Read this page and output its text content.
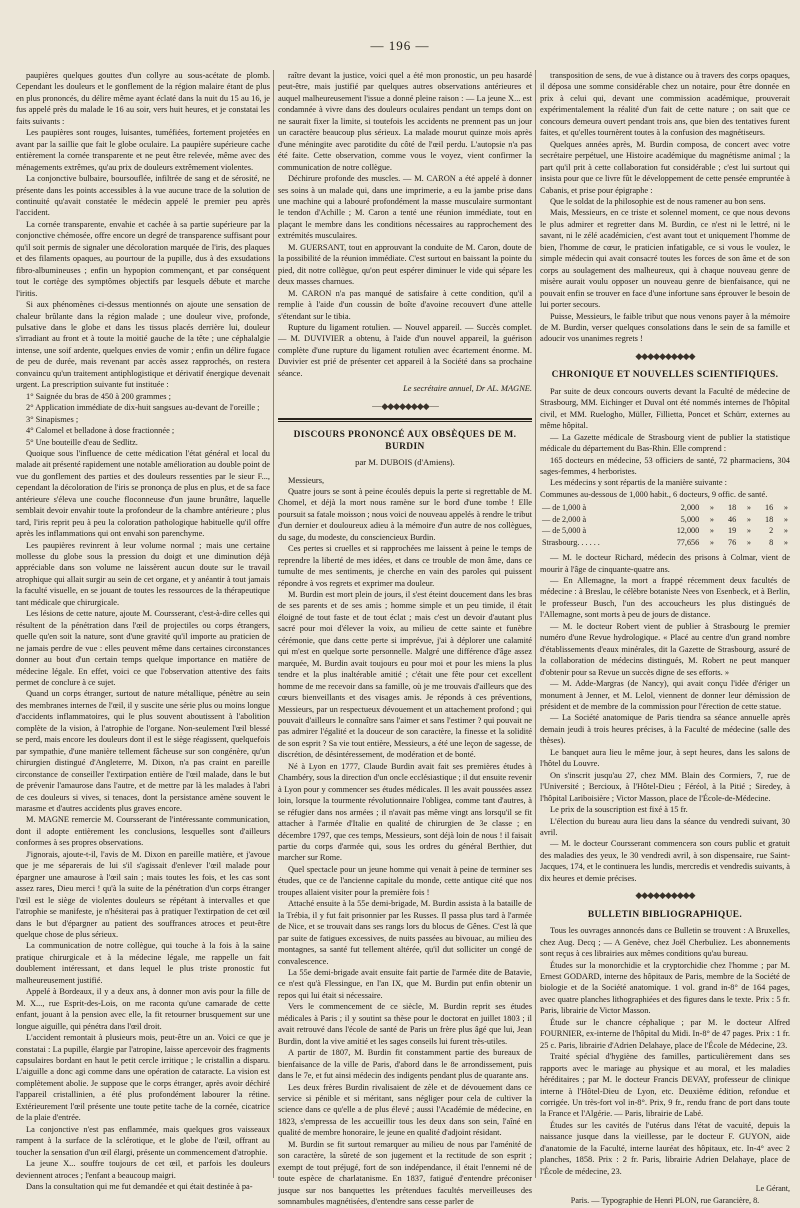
— 196 —

paupières quelques gouttes d'un collyre au sous-acétate de plomb. Cependant les douleurs et le gonflement de la région malaire étant de plus en plus prononcés, du délire même ayant éclaté dans la nuit du 15 au 16, je fus appelé près du malade le 16 au soir, vers huit heures, et je constatai les faits suivants :

Les paupières sont rouges, luisantes, tuméfiées, fortement projetées en avant par la saillie que fait le globe oculaire. La paupière supérieure cache entièrement la cornée transparente et ne peut être relevée, même avec des ménagements extrêmes, qu'au prix de douleurs extrêmement violentes.

La conjonctive bulbaire, boursouflée, infiltrée de sang et de sérosité, ne présente dans les points accessibles à la vue aucune trace de la solution de continuité qu'avait constatée le médecin appelé le premier peu après l'accident.

La cornée transparente, envahie et cachée à sa partie supérieure par la conjonctive chémosée, offre encore un degré de transparence suffisant pour qu'il soit permis de signaler une décoloration marquée de l'iris, des plaques et des filaments opaques, au pourtour de la pupille, dus à des exsudations fibro-albumineuses ; enfin un hypopion commençant, et par conséquent tout le cortège des symptômes objectifs par lesquels débute et marche l'iritis.

Si aux phénomènes ci-dessus mentionnés on ajoute une sensation de chaleur brûlante dans la région malade ; une douleur vive, profonde, pulsative dans le globe et dans les tissus placés derrière lui, douleur s'irradiant au front et à toute la moitié gauche de la tête ; une céphalalgie intense, une soif ardente, quelques envies de vomir ; enfin un délire fugace de peu de durée, mais revenant par accès assez rapprochés, on restera convaincu qu'un traitement antiphlogistique et dérivatif énergique devenait urgent. La prescription suivante fut instituée :

1° Saignée du bras de 450 à 200 grammes ;

2° Application immédiate de dix-huit sangsues au-devant de l'oreille ;

3° Sinapismes ;

4° Calomel et belladone à dose fractionnée ;

5° Une bouteille d'eau de Sedlitz.

Quoique sous l'influence de cette médication l'état général et local du malade ait présenté rapidement une notable amélioration au double point de vue du gonflement des parties et des douleurs ressenties par le sieur F..., cependant la décoloration de l'iris se prononça de plus en plus, et de sa face antérieure s'éleva une couche floconneuse d'un jaune brunâtre, laquelle semblait devoir envahir toute la profondeur de la chambre antérieure ; plus tard, l'iris reprit peu à peu la coloration pathologique habituelle qu'il offre après les inflammations qui ont envahi son parenchyme.

Les paupières revinrent à leur volume normal ; mais une certaine mollesse du globe sous la pression du doigt et une diminution déjà appréciable dans son volume ne laissèrent aucun doute sur le travail atrophique qui allait surgir au sein de cet organe, et y anéantir à tout jamais la faculté visuelle, en se jouant de toutes les ressources de la thérapeutique tant médicale que chirurgicale.

Les lésions de cette nature, ajoute M. Coursserant, c'est-à-dire celles qui résultent de la pénétration dans l'œil de projectiles ou corps étrangers, quelle qu'en soit la nature, sont d'une gravité qu'il importe au praticien de ne jamais perdre de vue : elles peuvent même dans certaines circonstances donner au bout d'un certain temps quelque importance en matière de médecine légale. En effet, voici ce que l'observation attentive des faits permet de conclure à ce sujet.

Quand un corps étranger, surtout de nature métallique, pénètre au sein des membranes internes de l'œil, il y suscite une série plus ou moins longue d'accidents inflammatoires, qui le plus souvent aboutissent à l'abolition complète de la vision, à l'atrophie de l'organe. Non-seulement l'œil blessé se perd, mais encore les douleurs dont il est le siège réagissent, quelquefois par sympathie, d'une manière tellement fâcheuse sur son congénère, qu'un chirurgien distingué d'Angleterre, M. Dixon, n'a pas craint en pareille circonstance de conseiller l'extirpation entière de l'œil malade, dans le but de prévenir l'amaurose dans l'autre, et de mettre par là les malades à l'abri de ces douleurs si vives, si tenaces, dont la persistance amène souvent le marasme et d'autres accidents plus graves encore.

M. MAGNE remercie M. Coursserant de l'intéressante communication, dont il adopte entièrement les conclusions, lesquelles sont d'ailleurs conformes à ses propres observations.

J'ignorais, ajoute-t-il, l'avis de M. Dixon en pareille matière, et j'avoue que je me séparerais de lui s'il s'agissait d'enlever l'œil malade pour épargner une amaurose à l'œil sain ; mais toutes les fois, et les cas sont assez rares, Dieu merci ! qu'à la suite de la pénétration d'un corps étranger l'œil est le siège de violentes douleurs se répétant à intervalles et que l'atrophie se manifeste, je n'hésiterai pas à pratiquer l'extirpation de cet œil dans le but d'épargner au patient des souffrances atroces et peut-être quelque chose de plus sérieux.

La communication de notre collègue, qui touche à la fois à la saine pratique chirurgicale et à la médecine légale, me rappelle un fait doublement intéressant, et dans lequel le plus triste pronostic fut malheureusement justifié.

Appelé à Bordeaux, il y a deux ans, à donner mon avis pour la fille de M. X..., rue Esprit-des-Lois, on me raconta qu'une camarade de cette enfant, jouant à la pension avec elle, la fit retourner brusquement sur une longue aiguille, qui pénétra dans l'œil droit.

L'accident remontait à plusieurs mois, peut-être un an. Voici ce que je constatai : La pupille, élargie par l'atropine, laisse apercevoir des fragments capsulaires bordant en haut le petit cercle irritique ; le cristallin a disparu. L'aiguille a donc agi comme dans une opération de cataracte. La vision est complètement abolie. Je suppose que le corps étranger, après avoir déchiré l'appareil cristallinien, a été plus profondément labourer la rétine. Extérieurement l'œil présente une toute petite tache de la cornée, cicatrice de la plaie d'entrée.

La conjonctive n'est pas enflammée, mais quelques gros vaisseaux rampent à la surface de la sclérotique, et le globe de l'œil, offrant au toucher la sensation d'un œil élargi, présente un commencement d'atrophie.

La jeune X... souffre toujours de cet œil, et parfois les douleurs deviennent atroces ; l'enfant a beaucoup maigri.

Dans la consultation qui me fut demandée et qui était destinée à pa-

raître devant la justice, voici quel a été mon pronostic, un peu hasardé peut-être, mais justifié par quelques autres observations antérieures et auquel malheureusement l'issue a donné pleine raison : — La jeune X... est condamnée à vivre dans des douleurs oculaires pendant un temps dont on ne saurait fixer la limite, si toutefois les accidents ne prennent pas un jour un caractère beaucoup plus sérieux. La malade mourut quinze mois après d'une méningite avec parotidite du côté de l'œil perdu. L'autopsie n'a pas été faite. Cette observation, comme vous le voyez, vient confirmer la communication de notre collègue.

Déchirure profonde des muscles. — M. CARON a été appelé à donner ses soins à un malade qui, dans une imprimerie, a eu la jambe prise dans une machine qui a labouré profondément la masse musculaire surmontant le tendon d'Achille ; M. Caron a tenté une réunion immédiate, tout en plaçant le membre dans les conditions nécessaires au rapprochement des extrémités musculaires.

M. GUERSANT, tout en approuvant la conduite de M. Caron, doute de la possibilité de la réunion immédiate. C'est surtout en baissant la pointe du pied, dit notre collègue, qu'on peut espérer diminuer le vide qui sépare les deux masses charnues.

M. CARON n'a pas manqué de satisfaire à cette condition, qu'il a remplie à l'aide d'un coussin de boîte d'avoine recouvert d'une attelle s'étendant sur le tibia.

Rupture du ligament rotulien. — Nouvel appareil. — Succès complet. — M. DUVIVIER a obtenu, à l'aide d'un nouvel appareil, la guérison complète d'une rupture du ligament rotulien avec écartement énorme. M. Duvivier est prié de présenter cet appareil à la Société dans sa prochaine séance.

Le secrétaire annuel, Dr AL. MAGNE.
— ◆◆◆◆◆◆◆◆ —
DISCOURS PRONONCÉ AUX OBSÈQUES DE M. BURDIN
par M. DUBOIS (d'Amiens).

Messieurs,

Quatre jours se sont à peine écoulés depuis la perte si regrettable de M. Chomel, et déjà la mort nous ramène sur le bord d'une tombe ! Elle poursuit sa fatale moisson ; nous voici de nouveau appelés à rendre le tribut d'un dernier et douloureux adieu à la mémoire d'un autre de nos collègues, du sage, du modeste, du consciencieux Burdin.

Ces pertes si cruelles et si rapprochées me laissent à peine le temps de reprendre la liberté de mes idées, et dans ce trouble de mon âme, dans ce tumulte de mes sentiments, je cherche en vain des paroles qui puissent répondre à vos regrets et exprimer ma douleur.

M. Burdin est mort plein de jours, il s'est éteint doucement dans les bras de ses parents et de ses amis ; homme simple et un peu timide, il était éloigné de tout faste et de tout éclat ; mais c'est un devoir d'autant plus sacré pour moi d'élever la voix, au milieu de cette sainte et funèbre cérémonie, que dans cette perte si imprévue, j'ai à déplorer une calamité qui m'est en quelque sorte personnelle. Malgré une différence d'âge assez marquée, M. Burdin avait toujours eu pour moi et pour les miens la plus tendre et la plus inaltérable amitié ; c'était une fête pour cet excellent homme de me recevoir dans sa famille, où je me trouvais d'ailleurs que des cœurs bienveillants et des visages amis. Je réponds à ces préventions, Messieurs, par un respectueux dévouement et un attachement profond ; qui pouvait d'ailleurs le connaître sans l'aimer et sans l'estimer ? qui pouvait ne pas admirer l'égalité et la douceur de son caractère, la finesse et la solidité de son esprit ? Sa vie tout entière, Messieurs, a été une leçon de sagesse, de discrétion, de désintéressement, de modération et de bonté.

Né à Lyon en 1777, Claude Burdin avait fait ses premières études à Chambéry, sous la direction d'un oncle ecclésiastique ; il dut ensuite revenir à Lyon pour y commencer ses études médicales. Il les avait poussées assez loin, lorsque la tourmente révolutionnaire l'obligea, comme tant d'autres, à se réfugier dans nos armées ; il n'avait pas même vingt ans lorsqu'il se fit attacher à l'armée d'Italie en qualité de chirurgien de 3e classe ; en décembre 1797, que ces temps, Messieurs, sont déjà loin de nous ! il faisait partie du corps d'armée qui, sous les ordres du général Berthier, dut marcher sur Rome.

Quel spectacle pour un jeune homme qui venait à peine de terminer ses études, que ce de l'ancienne capitale du monde, cette antique cité que nos troupes allaient visiter pour la première fois !

Attaché ensuite à la 55e demi-brigade, M. Burdin assista à la bataille de la Trébia, il y fut fait prisonnier par les Russes. Il passa plus tard à l'armée de Nice, et se trouvait dans ses rangs lors du blocus de Gênes. C'est là que par suite de fatigues excessives, de nuits passées au bivouac, au milieu des montagnes, sa santé fut tellement altérée, qu'il dut solliciter un congé de convalescence.

La 55e demi-brigade avait ensuite fait partie de l'armée dite de Batavie, ce n'est qu'à Flessingue, en l'an IX, que M. Burdin put enfin obtenir un repos qui lui était si nécessaire.

Vers le commencement de ce siècle, M. Burdin reprit ses études médicales à Paris ; il y soutint sa thèse pour le doctorat en juillet 1803 ; il avait retrouvé dans l'école de santé de Paris un frère plus âgé que lui, Jean Burdin, dont la vive amitié et les sages conseils lui furent très-utiles.

A partir de 1807, M. Burdin fit constamment partie des bureaux de bienfaisance de la ville de Paris, d'abord dans le 8e arrondissement, puis dans le 7e, et fut ainsi médecin des indigents pendant plus de quarante ans.

Les deux frères Burdin rivalisaient de zèle et de dévouement dans ce service si pénible et si méritant, sans négliger pour cela de cultiver la science dans ce qu'elle a de plus élevé ; aussi l'Académie de médecine, en 1823, s'empressa de les accueillir tous les deux dans son sein, l'aîné en qualité de membre honoraire, le jeune en qualité d'adjoint résidant.

M. Burdin se fit surtout remarquer au milieu de nous par l'aménité de son caractère, la sûreté de son jugement et la rectitude de son esprit ; exempt de tout préjugé, fort de son indépendance, il était l'ennemi né de toute espèce de charlatanisme. En 1837, fatigué d'entendre préconiser jusque sur nos banquettes les prétendues facultés merveilleuses des somnambules magnétisées, d'entendre sans cesse parler de

transposition de sens, de vue à distance ou à travers des corps opaques, il déposa une somme considérable chez un notaire, pour être donnée en prix à celui qui, devant une commission académique, prouverait expérimentalement la réalité d'un fait de cette nature ; on sait que ce concours demeura ouvert pendant trois ans, que bien des tentatives furent faites, et qu'elles tournèrent toutes à la confusion des magnétiseurs.

Quelques années après, M. Burdin composa, de concert avec votre secrétaire perpétuel, une Histoire académique du magnétisme animal ; la part qu'il prit à cette collaboration fut considérable ; c'est lui surtout qui insista pour que ce livre fût le développement de cette pensée empruntée à Cabanis, et prise pour épigraphe :

Que le soldat de la philosophie est de nous ramener au bon sens.

Mais, Messieurs, en ce triste et solennel moment, ce que nous devons le plus admirer et regretter dans M. Burdin, ce n'est ni le lettré, ni le savant, ni le zélé académicien, c'est avant tout et uniquement l'homme de bien, l'homme de cœur, le praticien infatigable, ce si vous le voulez, le simple médecin qui avait consacré toutes les forces de son âme et de son corps au soulagement des malheureux, qui à chaque nouveau genre de misère aurait voulu opposer un nouveau genre de bienfaisance, qui ne pouvait enfin se trouver en face d'une infortune sans éprouver le besoin de lui porter secours.

Puisse, Messieurs, le faible tribut que nous venons payer à la mémoire de M. Burdin, verser quelques consolations dans le sein de sa famille et adoucir vos unanimes regrets !

◆◆◆◆◆◆◆◆◆◆
CHRONIQUE ET NOUVELLES SCIENTIFIQUES.

Par suite de deux concours ouverts devant la Faculté de médecine de Strasbourg, MM. Eichinger et Duval ont été nommés internes de l'hôpital civil, et MM. Ruelogho, Müller, Fillietta, Poncet et Schürr, externes au même hôpital.

— La Gazette médicale de Strasbourg vient de publier la statistique médicale du département du Bas-Rhin. Elle comprend :

165 docteurs en médecine, 53 officiers de santé, 72 pharmaciens, 304 sages-femmes, 4 herboristes.

Les médecins y sont répartis de la manière suivante :

Communes au-dessous de 1,000 habit., 6 docteurs, 9 offic. de santé.

— de 1,000 à	2,000	»	18	»	16	»
— de 2,000 à	5,000	»	46	»	18	»
— de 5,000 à	12,000	»	19	»	2	»
Strasbourg. . . . . .	77,656	»	76	»	8	»

— M. le docteur Richard, médecin des prisons à Colmar, vient de mourir à l'âge de cinquante-quatre ans.

— En Allemagne, la mort a frappé récemment deux facultés de médecine : à Breslau, le célèbre botaniste Nees von Esenbeck, et à Berlin, le professeur Busch, l'un des accoucheurs les plus distingués de l'Allemagne, sont morts à peu de jours de distance.

— M. le docteur Robert vient de publier à Strasbourg le premier numéro d'une Revue hydrologique. « Placé au centre d'un grand nombre d'établissements d'eaux minérales, dit la Gazette de Strasbourg, assuré de la collaboration de médecins distingués, M. Robert ne peut manquer d'obtenir pour sa Revue un succès digne de ses efforts. »

— M. Adde-Margras (de Nancy), qui avait conçu l'idée d'ériger un monument à Jenner, et M. Lelol, viennent de donner leur démission de président et de membre de la commission pour l'érection de cette statue.

— La Société anatomique de Paris tiendra sa séance annuelle après demain jeudi à trois heures précises, à la Faculté de médecine (salle des thèses).

Le banquet aura lieu le même jour, à sept heures, dans les salons de l'hôtel du Louvre.

On s'inscrit jusqu'au 27, chez MM. Blain des Cormiers, 7, rue de l'Université ; Bercioux, à l'Hôtel-Dieu ; Féréol, à la Pitié ; Siredey, à l'hôpital Lariboisière ; Victor Masson, place de l'École-de-Médecine.

Le prix de la souscription est fixé à 15 fr.

L'élection du bureau aura lieu dans la séance du vendredi suivant, 30 avril.

— M. le docteur Coursserant commencera son cours public et gratuit des maladies des yeux, le 30 vendredi avril, à son dispensaire, rue Saint-Jacques, 174, et le continuera les lundis, mercredis et vendredis suivants, à dix heures et demie précises.

◆◆◆◆◆◆◆◆◆◆
BULLETIN BIBLIOGRAPHIQUE.

Tous les ouvrages annoncés dans ce Bulletin se trouvent : A Bruxelles, chez Aug. Decq ; — A Genève, chez Joël Cherbuliez. Les abonnements sont reçus à ces librairies aux mêmes conditions qu'au bureau.

Études sur la monorchidie et la cryptorchidie chez l'homme ; par M. Ernest GODARD, interne des hôpitaux de Paris, membre de la Société de biologie et de la Société anatomique. 1 vol. grand in-8° de 164 pages, avec quatre planches lithographiées et des figures dans le texte. Prix : 5 fr. Paris, librairie de Victor Masson.

Étude sur le chancre céphalique ; par M. le docteur Alfred FOURNIER, ex-interne de l'hôpital du Midi. In-8° de 47 pages. Prix : 1 fr. 25 c. Paris, librairie d'Adrien Delahaye, place de l'École de Médecine, 23.

Traité spécial d'hygiène des familles, particulièrement dans ses rapports avec le mariage au physique et au moral, et les maladies héréditaires ; par M. le docteur Francis DEVAY, professeur de clinique interne à l'Hôtel-Dieu de Lyon, etc. Deuxième édition, refondue et corrigée. Un très-fort vol in-8°. Prix, 9 fr., rendu franc de port dans toute la France et l'Algérie. — Paris, librairie de Labé.

Études sur les cavités de l'utérus dans l'état de vacuité, depuis la naissance jusque dans la vieillesse, par le docteur F. GUYON, aide d'anatomie de la Faculté, interne lauréat des hôpitaux, etc. In-4° avec 2 planches, 1858. Prix : 2 fr. Paris, librairie Adrien Delahaye, place de l'École de médecine, 23.

Le Gérant,
Paris. — Typographie de Henri PLON, rue Garancière, 8.
